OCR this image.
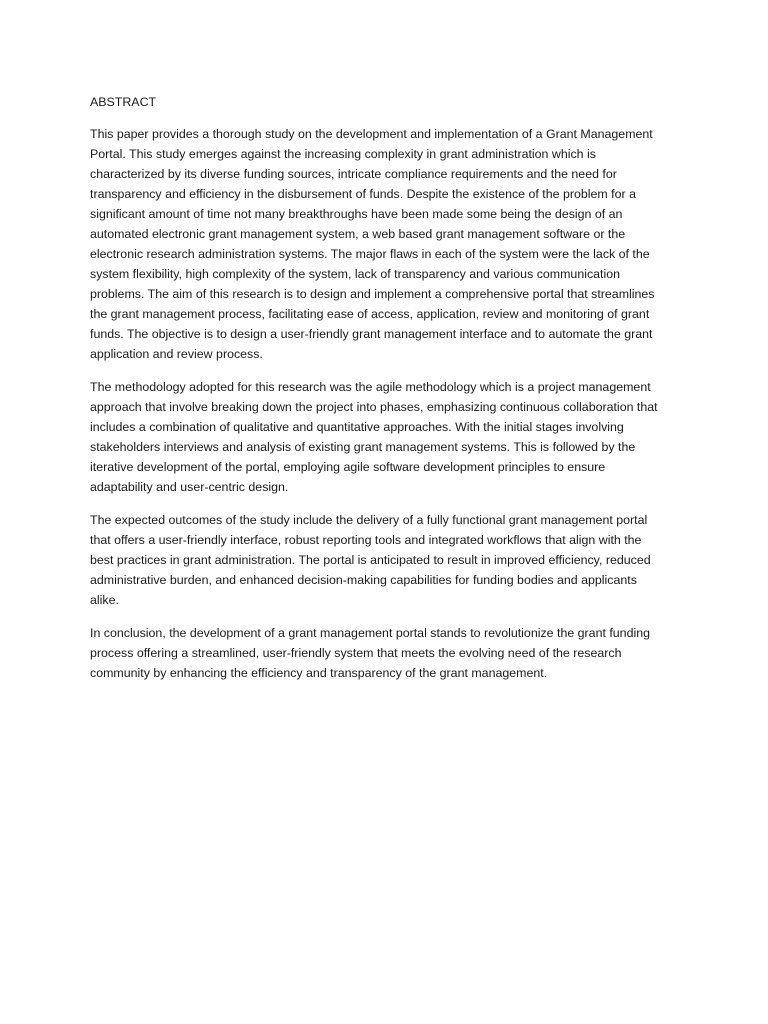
ABSTRACT

This paper provides a thorough study on the development and implementation of a Grant Management
Portal. This study emerges against the increasing complexity in grant administration which is
characterized by its diverse funding sources, intricate compliance requirements and the need for
transparency and efficiency in the disbursement of funds. Despite the existence of the problem for a
significant amount of time not many breakthroughs have been made some being the design of an
automated electronic grant management system, a web based grant management software or the
electronic research administration systems. The major flaws in each of the system were the lack of the
system flexibility, high complexity of the system, lack of transparency and various communication
problems. The aim of this research is to design and implement a comprehensive portal that streamlines
the grant management process, facilitating ease of access, application, review and monitoring of grant
funds. The objective is to design a user-friendly grant management interface and to automate the grant
application and review process.

The methodology adopted for this research was the agile methodology which is a project management
approach that involve breaking down the project into phases, emphasizing continuous collaboration that
includes a combination of qualitative and quantitative approaches. With the initial stages involving
stakeholders interviews and analysis of existing grant management systems. This is followed by the
iterative development of the portal, employing agile software development principles to ensure
adaptability and user-centric design.

The expected outcomes of the study include the delivery of a fully functional grant management portal
that offers a user-friendly interface, robust reporting tools and integrated workflows that align with the
best practices in grant administration. The portal is anticipated to result in improved efficiency, reduced
administrative burden, and enhanced decision-making capabilities for funding bodies and applicants
alike.

In conclusion, the development of a grant management portal stands to revolutionize the grant funding
process offering a streamlined, user-friendly system that meets the evolving need of the research
community by enhancing the efficiency and transparency of the grant management.
